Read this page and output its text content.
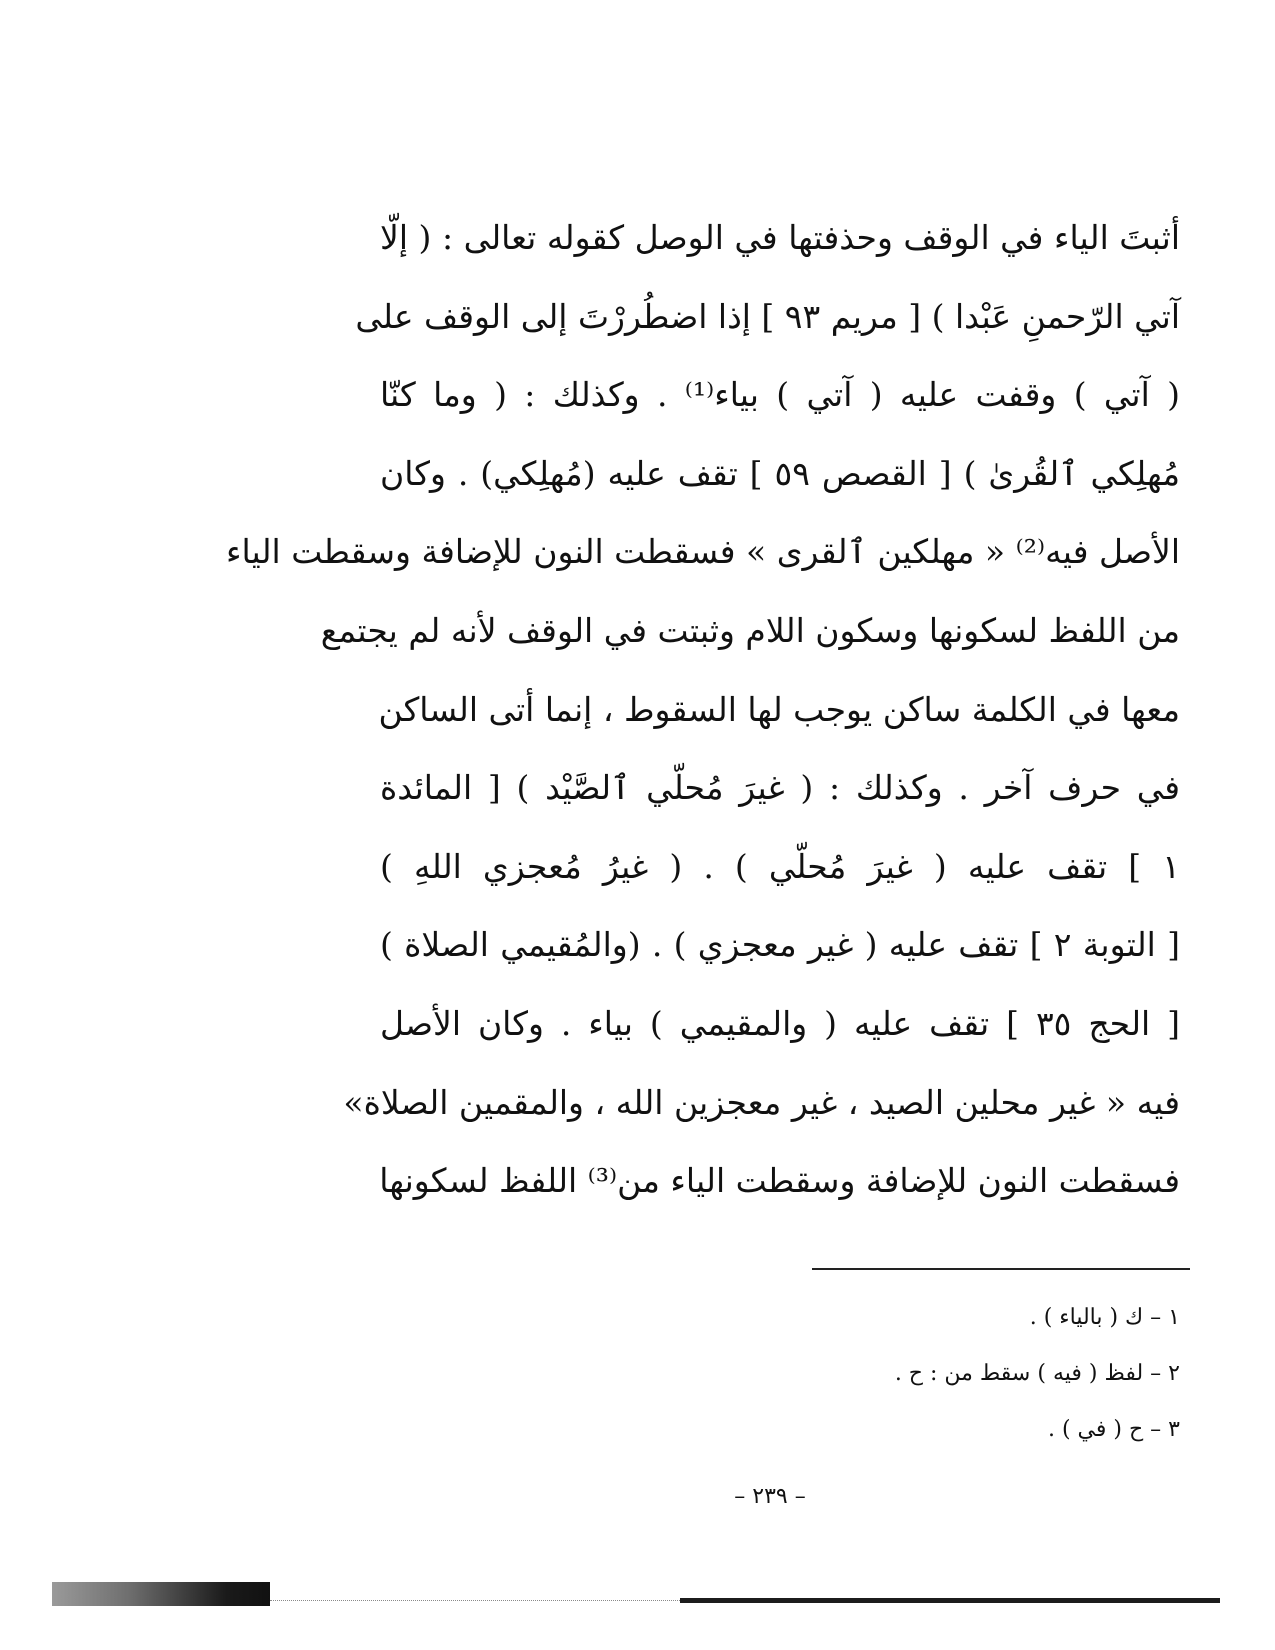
أثبتَ الياء في الوقف وحذفتها في الوصل كقوله تعالى : ( إلّا
آتي الرّحمنِ عَبْدا ) [ مريم ٩٣ ] إذا اضطُررْتَ إلى الوقف على
( آتي ) وقفت عليه ( آتي ) بياء⁽¹⁾ . وكذلك : ( وما كنّا
مُهلِكي ٱلقُرىٰ ) [ القصص ٥٩ ] تقف عليه (مُهلِكي) . وكان
الأصل فيه⁽²⁾ « مهلكين ٱلقرى » فسقطت النون للإضافة وسقطت الياء
من اللفظ لسكونها وسكون اللام وثبتت في الوقف لأنه لم يجتمع
معها في الكلمة ساكن يوجب لها السقوط ، إنما أتى الساكن
في حرف آخر . وكذلك : ( غيرَ مُحلّي ٱلصَّيْد ) [ المائدة
١ ] تقف عليه ( غيرَ مُحلّي ) . ( غيرُ مُعجزي اللهِ )
[ التوبة ٢ ] تقف عليه ( غير معجزي ) . (والمُقيمي الصلاة )
[ الحج ٣٥ ] تقف عليه ( والمقيمي ) بياء . وكان الأصل
فيه « غير محلين الصيد ، غير معجزين الله ، والمقمين الصلاة»
فسقطت النون للإضافة وسقطت الياء من⁽³⁾ اللفظ لسكونها
١ – ك ( بالياء ) .
٢ – لفظ ( فيه ) سقط من : ح .
٣ – ح ( في ) .
– ٢٣٩ –
